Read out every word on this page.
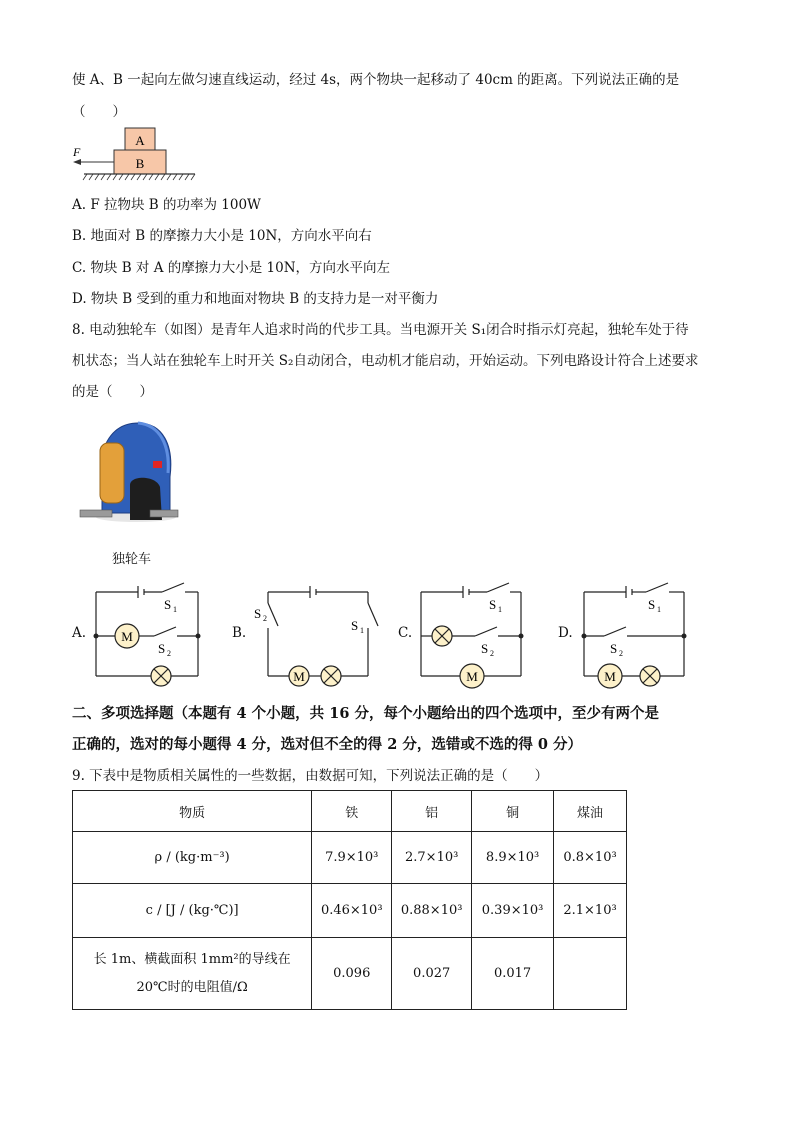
使 A、B 一起向左做匀速直线运动，经过 4s，两个物块一起移动了 40cm 的距离。下列说法正确的是
（　　）
A
B
F
A. F 拉物块 B 的功率为 100W
B. 地面对 B 的摩擦力大小是 10N，方向水平向右
C. 物块 B 对 A 的摩擦力大小是 10N，方向水平向左
D. 物块 B 受到的重力和地面对物块 B 的支持力是一对平衡力
8. 电动独轮车（如图）是青年人追求时尚的代步工具。当电源开关 S₁闭合时指示灯亮起，独轮车处于待
机状态；当人站在独轮车上时开关 S₂自动闭合，电动机才能启动，开始运动。下列电路设计符合上述要求
的是（　　）
独轮车
A.	M
S 1
S 2
B.
M
S 2	S 1	C.
M
S 1
S 2
D.
M
S 1
S 2
二、多项选择题（本题有 4 个小题，共 16 分，每个小题给出的四个选项中，至少有两个是
正确的，选对的每小题得 4 分，选对但不全的得 2 分，选错或不选的得 0 分）
9. 下表中是物质相关属性的一些数据，由数据可知，下列说法正确的是（　　）
物质	铁	铝	铜	煤油
ρ / (kg·m⁻³)	7.9×10³	2.7×10³	8.9×10³	0.8×10³
c / [J / (kg·℃)]	0.46×10³	0.88×10³	0.39×10³	2.1×10³

长 1m、横截面积 1mm²的导线在
20℃时的电阻值/Ω	0.096	0.027	0.017	
